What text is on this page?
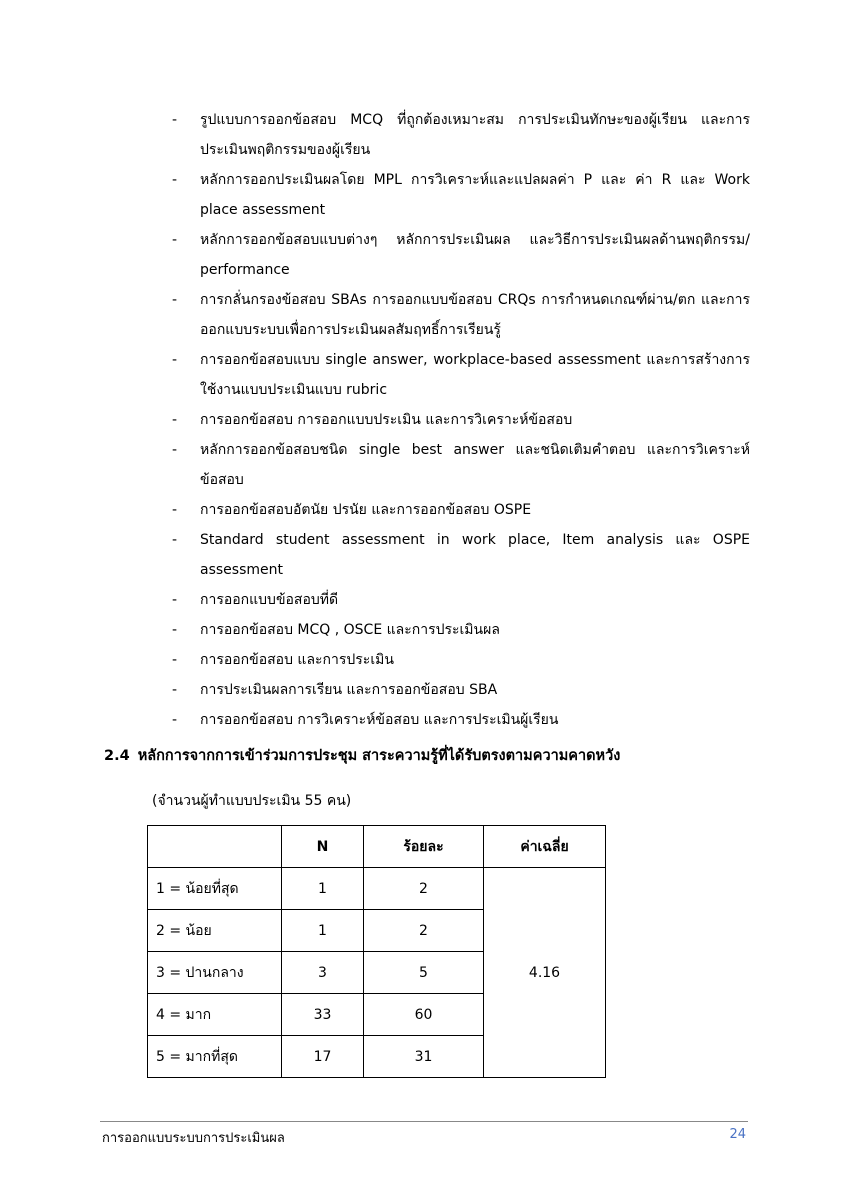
- รูปแบบการออกข้อสอบ MCQ ที่ถูกต้องเหมาะสม การประเมินทักษะของผู้เรียน และการประเมินพฤติกรรมของผู้เรียน
- หลักการออกประเมินผลโดย MPL การวิเคราะห์และแปลผลค่า P และ ค่า R และ Work place assessment
- หลักการออกข้อสอบแบบต่างๆ หลักการประเมินผล และวิธีการประเมินผลด้านพฤติกรรม/ performance
- การกลั่นกรองข้อสอบ SBAs การออกแบบข้อสอบ CRQs การกำหนดเกณฑ์ผ่าน/ตก และการออกแบบระบบเพื่อการประเมินผลสัมฤทธิ์การเรียนรู้
- การออกข้อสอบแบบ single answer, workplace-based assessment และการสร้างการใช้งานแบบประเมินแบบ rubric
- การออกข้อสอบ การออกแบบประเมิน และการวิเคราะห์ข้อสอบ
- หลักการออกข้อสอบชนิด single best answer และชนิดเติมคำตอบ และการวิเคราะห์ข้อสอบ
- การออกข้อสอบอัตนัย ปรนัย และการออกข้อสอบ OSPE
- Standard student assessment in work place, Item analysis และ OSPE assessment
- การออกแบบข้อสอบที่ดี
- การออกข้อสอบ MCQ , OSCE และการประเมินผล
- การออกข้อสอบ และการประเมิน
- การประเมินผลการเรียน และการออกข้อสอบ SBA
- การออกข้อสอบ การวิเคราะห์ข้อสอบ และการประเมินผู้เรียน
2.4 หลักการจากการเข้าร่วมการประชุม สาระความรู้ที่ได้รับตรงตามความคาดหวัง
(จำนวนผู้ทำแบบประเมิน 55 คน)
	N	ร้อยละ	ค่าเฉลี่ย
1 = น้อยที่สุด	1	2	4.16
2 = น้อย	1	2	
3 = ปานกลาง	3	5	
4 = มาก	33	60	
5 = มากที่สุด	17	31	
การออกแบบระบบการประเมินผล	24
